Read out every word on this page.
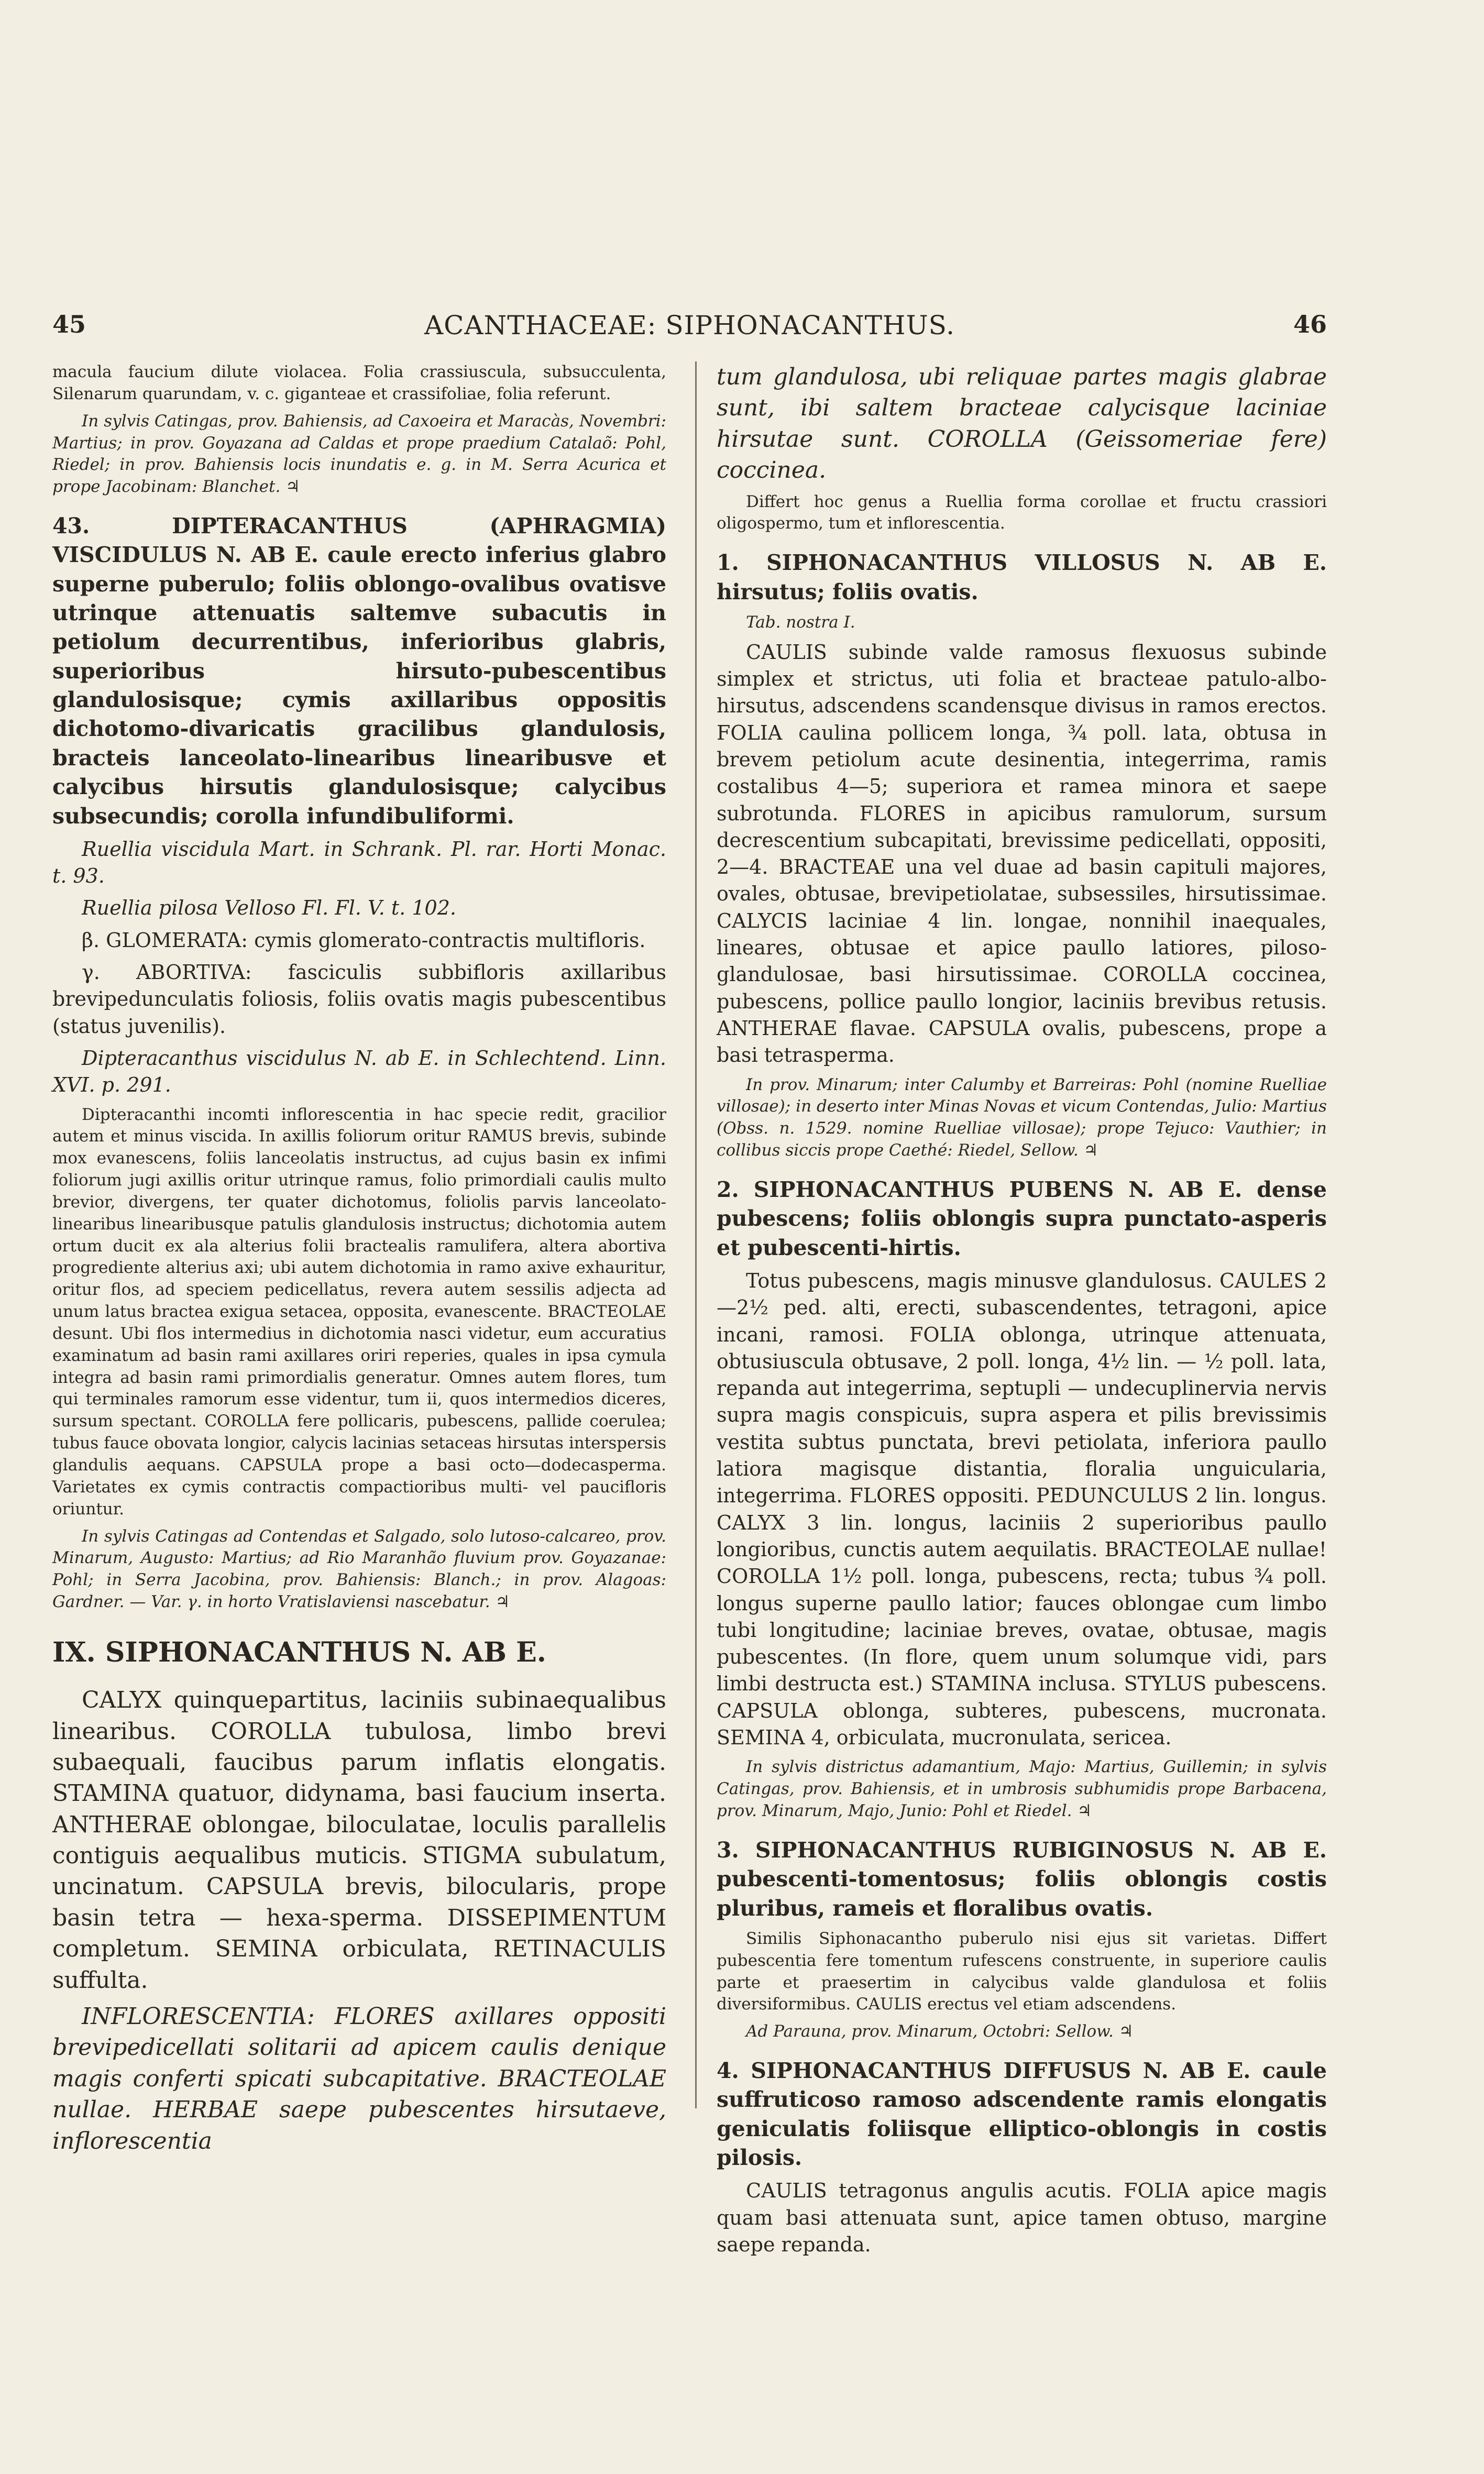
45	ACANTHACEAE: SIPHONACANTHUS.	46

macula faucium dilute violacea. Folia crassiuscula, subsucculenta, Silenarum quarundam, v. c. giganteae et crassifoliae, folia referunt.

In sylvis Catingas, prov. Bahiensis, ad Caxoeira et Maracàs, Novembri: Martius; in prov. Goyazana ad Caldas et prope praedium Catalaõ: Pohl, Riedel; in prov. Bahiensis locis inundatis e. g. in M. Serra Acurica et prope Jacobinam: Blanchet. ♃

43. DIPTERACANTHUS (APHRAGMIA) VISCIDULUS N. AB E. caule erecto inferius glabro superne puberulo; foliis oblongo-ovalibus ovatisve utrinque attenuatis saltemve subacutis in petiolum decurrentibus, inferioribus glabris, superioribus hirsuto-pubescentibus glandulosisque; cymis axillaribus oppositis dichotomo-divaricatis gracilibus glandulosis, bracteis lanceolato-linearibus linearibusve et calycibus hirsutis glandulosisque; calycibus subsecundis; corolla infundibuliformi.

Ruellia viscidula Mart. in Schrank. Pl. rar. Horti Monac. t. 93.

Ruellia pilosa Velloso Fl. Fl. V. t. 102.

β. GLOMERATA: cymis glomerato-contractis multifloris.

γ. ABORTIVA: fasciculis subbifloris axillaribus brevipedunculatis foliosis, foliis ovatis magis pubescentibus (status juvenilis).

Dipteracanthus viscidulus N. ab E. in Schlechtend. Linn. XVI. p. 291.

Dipteracanthi incomti inflorescentia in hac specie redit, gracilior autem et minus viscida. In axillis foliorum oritur RAMUS brevis, subinde mox evanescens, foliis lanceolatis instructus, ad cujus basin ex infimi foliorum jugi axillis oritur utrinque ramus, folio primordiali caulis multo brevior, divergens, ter quater dichotomus, foliolis parvis lanceolato-linearibus linearibusque patulis glandulosis instructus; dichotomia autem ortum ducit ex ala alterius folii bractealis ramulifera, altera abortiva progrediente alterius axi; ubi autem dichotomia in ramo axive exhauritur, oritur flos, ad speciem pedicellatus, revera autem sessilis adjecta ad unum latus bractea exigua setacea, opposita, evanescente. BRACTEOLAE desunt. Ubi flos intermedius in dichotomia nasci videtur, eum accuratius examinatum ad basin rami axillares oriri reperies, quales in ipsa cymula integra ad basin rami primordialis generatur. Omnes autem flores, tum qui terminales ramorum esse videntur, tum ii, quos intermedios diceres, sursum spectant. COROLLA fere pollicaris, pubescens, pallide coerulea; tubus fauce obovata longior, calycis lacinias setaceas hirsutas interspersis glandulis aequans. CAPSULA prope a basi octo—dodecasperma. Varietates ex cymis contractis compactioribus multi- vel paucifloris oriuntur.

In sylvis Catingas ad Contendas et Salgado, solo lutoso-calcareo, prov. Minarum, Augusto: Martius; ad Rio Maranhão fluvium prov. Goyazanae: Pohl; in Serra Jacobina, prov. Bahiensis: Blanch.; in prov. Alagoas: Gardner. — Var. γ. in horto Vratislaviensi nascebatur. ♃

IX. SIPHONACANTHUS N. AB E.

CALYX quinquepartitus, laciniis subinaequalibus linearibus. COROLLA tubulosa, limbo brevi subaequali, faucibus parum inflatis elongatis. STAMINA quatuor, didynama, basi faucium inserta. ANTHERAE oblongae, biloculatae, loculis parallelis contiguis aequalibus muticis. STIGMA subulatum, uncinatum. CAPSULA brevis, bilocularis, prope basin tetra — hexa-sperma. DISSEPIMENTUM completum. SEMINA orbiculata, RETINACULIS suffulta.

INFLORESCENTIA: FLORES axillares oppositi brevipedicellati solitarii ad apicem caulis denique magis conferti spicati subcapitative. BRACTEOLAE nullae. HERBAE saepe pubescentes hirsutaeve, inflorescentia

tum glandulosa, ubi reliquae partes magis glabrae sunt, ibi saltem bracteae calycisque laciniae hirsutae sunt. COROLLA (Geissomeriae fere) coccinea.

Differt hoc genus a Ruellia forma corollae et fructu crassiori oligospermo, tum et inflorescentia.

1. SIPHONACANTHUS VILLOSUS N. AB E. hirsutus; foliis ovatis.

Tab. nostra I.

CAULIS subinde valde ramosus flexuosus subinde simplex et strictus, uti folia et bracteae patulo-albo-hirsutus, adscendens scandensque divisus in ramos erectos. FOLIA caulina pollicem longa, ¾ poll. lata, obtusa in brevem petiolum acute desinentia, integerrima, ramis costalibus 4—5; superiora et ramea minora et saepe subrotunda. FLORES in apicibus ramulorum, sursum decrescentium subcapitati, brevissime pedicellati, oppositi, 2—4. BRACTEAE una vel duae ad basin capituli majores, ovales, obtusae, brevipetiolatae, subsessiles, hirsutissimae. CALYCIS laciniae 4 lin. longae, nonnihil inaequales, lineares, obtusae et apice paullo latiores, piloso-glandulosae, basi hirsutissimae. COROLLA coccinea, pubescens, pollice paullo longior, laciniis brevibus retusis. ANTHERAE flavae. CAPSULA ovalis, pubescens, prope a basi tetrasperma.

In prov. Minarum; inter Calumby et Barreiras: Pohl (nomine Ruelliae villosae); in deserto inter Minas Novas et vicum Contendas, Julio: Martius (Obss. n. 1529. nomine Ruelliae villosae); prope Tejuco: Vauthier; in collibus siccis prope Caethé: Riedel, Sellow. ♃

2. SIPHONACANTHUS PUBENS N. AB E. dense pubescens; foliis oblongis supra punctato-asperis et pubescenti-hirtis.

Totus pubescens, magis minusve glandulosus. CAULES 2—2½ ped. alti, erecti, subascendentes, tetragoni, apice incani, ramosi. FOLIA oblonga, utrinque attenuata, obtusiuscula obtusave, 2 poll. longa, 4½ lin. — ½ poll. lata, repanda aut integerrima, septupli — undecuplinervia nervis supra magis conspicuis, supra aspera et pilis brevissimis vestita subtus punctata, brevi petiolata, inferiora paullo latiora magisque distantia, floralia unguicularia, integerrima. FLORES oppositi. PEDUNCULUS 2 lin. longus. CALYX 3 lin. longus, laciniis 2 superioribus paullo longioribus, cunctis autem aequilatis. BRACTEOLAE nullae! COROLLA 1½ poll. longa, pubescens, recta; tubus ¾ poll. longus superne paullo latior; fauces oblongae cum limbo tubi longitudine; laciniae breves, ovatae, obtusae, magis pubescentes. (In flore, quem unum solumque vidi, pars limbi destructa est.) STAMINA inclusa. STYLUS pubescens. CAPSULA oblonga, subteres, pubescens, mucronata. SEMINA 4, orbiculata, mucronulata, sericea.

In sylvis districtus adamantium, Majo: Martius, Guillemin; in sylvis Catingas, prov. Bahiensis, et in umbrosis subhumidis prope Barbacena, prov. Minarum, Majo, Junio: Pohl et Riedel. ♃

3. SIPHONACANTHUS RUBIGINOSUS N. AB E. pubescenti-tomentosus; foliis oblongis costis pluribus, rameis et floralibus ovatis.

Similis Siphonacantho puberulo nisi ejus sit varietas. Differt pubescentia fere tomentum rufescens construente, in superiore caulis parte et praesertim in calycibus valde glandulosa et foliis diversiformibus. CAULIS erectus vel etiam adscendens.

Ad Parauna, prov. Minarum, Octobri: Sellow. ♃

4. SIPHONACANTHUS DIFFUSUS N. AB E. caule suffruticoso ramoso adscendente ramis elongatis geniculatis foliisque elliptico-oblongis in costis pilosis.

CAULIS tetragonus angulis acutis. FOLIA apice magis quam basi attenuata sunt, apice tamen obtuso, margine saepe repanda.
